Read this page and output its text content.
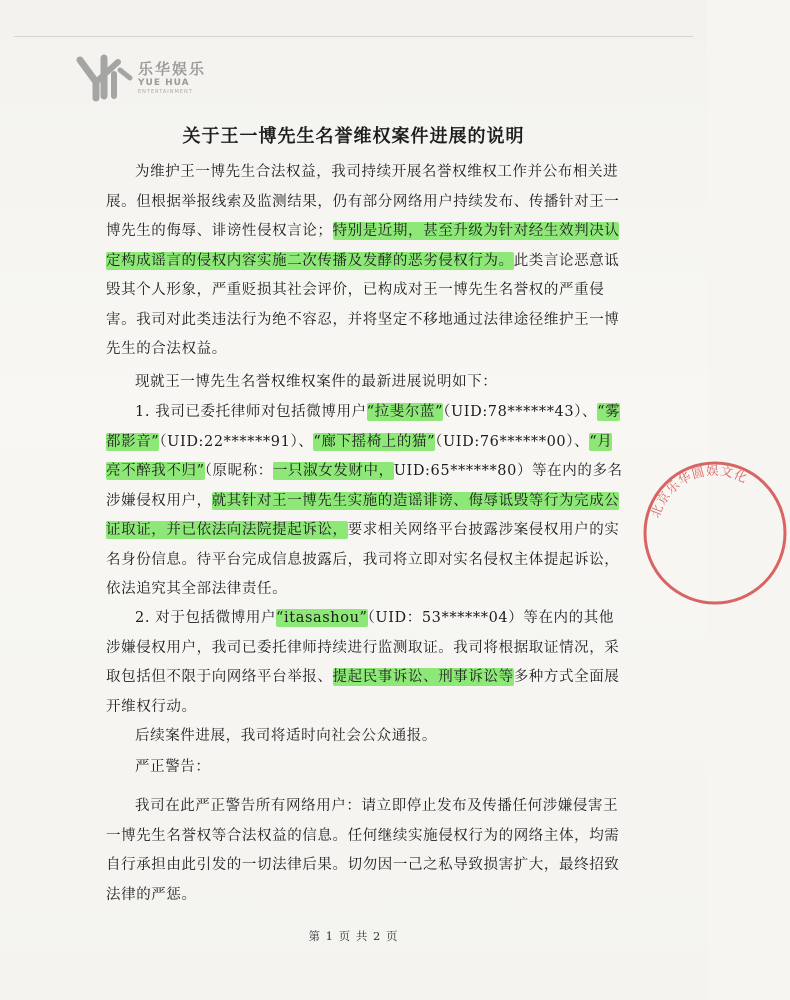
乐华娱乐
YUE HUA
ENTERTAINMENT
关于王一博先生名誉维权案件进展的说明

为维护王一博先生合法权益，我司持续开展名誉权维权工作并公布相关进展。但根据举报线索及监测结果，仍有部分网络用户持续发布、传播针对王一博先生的侮辱、诽谤性侵权言论；特别是近期，甚至升级为针对经生效判决认定构成谣言的侵权内容实施二次传播及发酵的恶劣侵权行为。此类言论恶意诋毁其个人形象，严重贬损其社会评价，已构成对王一博先生名誉权的严重侵害。我司对此类违法行为绝不容忍，并将坚定不移地通过法律途径维护王一博先生的合法权益。

现就王一博先生名誉权维权案件的最新进展说明如下：

1. 我司已委托律师对包括微博用户“拉斐尔蓝”（UID:78******43）、“雾都影音”（UID:22******91）、“廊下摇椅上的猫”（UID:76******00）、“月亮不醉我不归”（原昵称：一只淑女发财中，UID:65******80）等在内的多名涉嫌侵权用户，就其针对王一博先生实施的造谣诽谤、侮辱诋毁等行为完成公证取证，并已依法向法院提起诉讼，要求相关网络平台披露涉案侵权用户的实名身份信息。待平台完成信息披露后，我司将立即对实名侵权主体提起诉讼，依法追究其全部法律责任。

2. 对于包括微博用户“itasashou”（UID：53******04）等在内的其他涉嫌侵权用户，我司已委托律师持续进行监测取证。我司将根据取证情况，采取包括但不限于向网络平台举报、提起民事诉讼、刑事诉讼等多种方式全面展开维权行动。

后续案件进展，我司将适时向社会公众通报。

严正警告：

我司在此严正警告所有网络用户：请立即停止发布及传播任何涉嫌侵害王一博先生名誉权等合法权益的信息。任何继续实施侵权行为的网络主体，均需自行承担由此引发的一切法律后果。切勿因一己之私导致损害扩大，最终招致法律的严惩。

第 1 页 共 2 页
北京乐华圆娱文化
